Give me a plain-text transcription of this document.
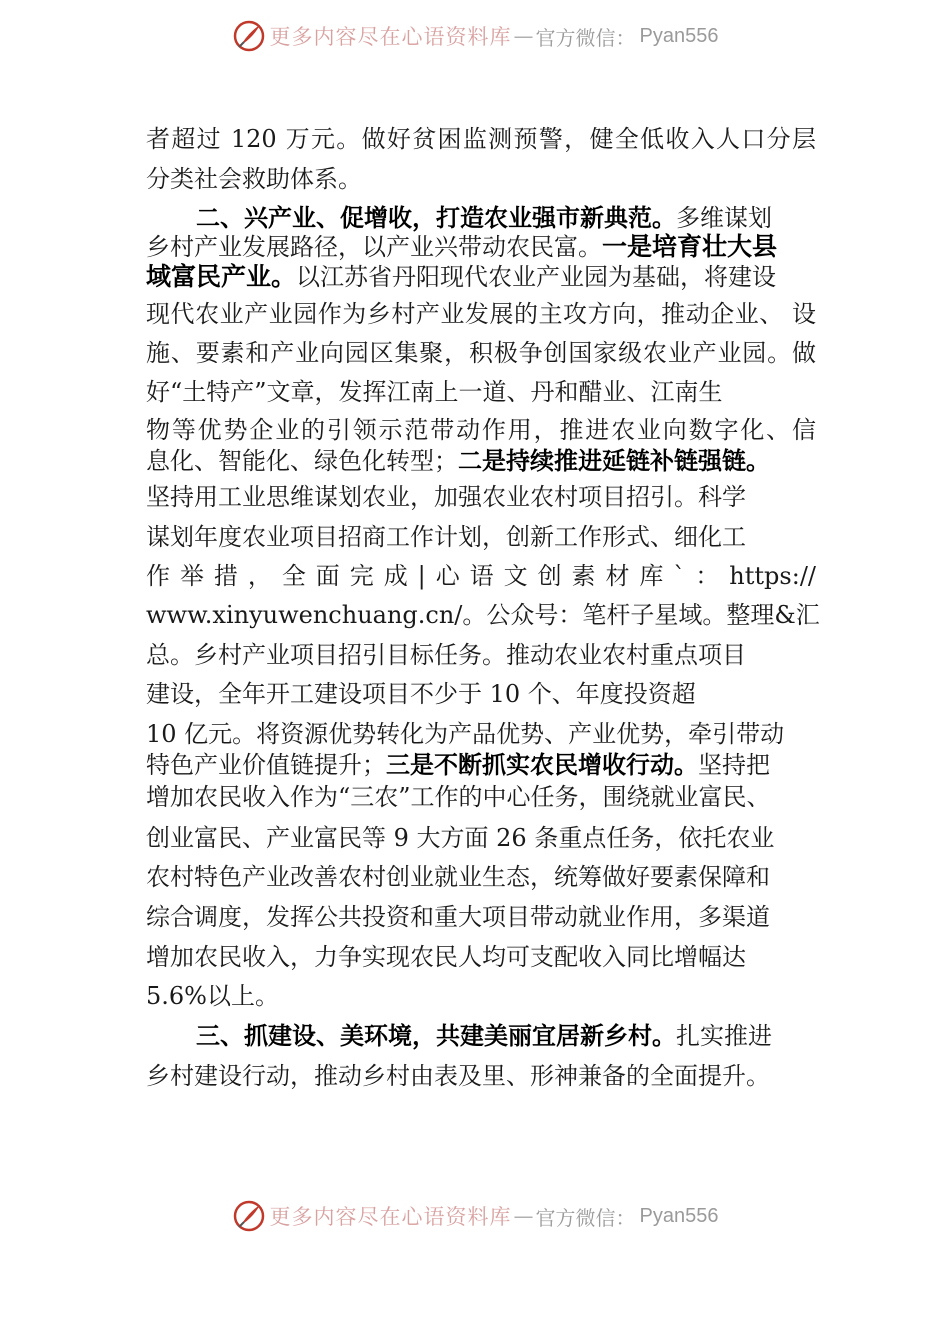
更多内容尽在心语资料库 — 官方微信： Pyan556
者超过 120 万元。做好贫困监测预警，健全低收入人口分层
分类社会救助体系。
二、兴产业、促增收，打造农业强市新典范。多维谋划
乡村产业发展路径，以产业兴带动农民富。一是培育壮大县
域富民产业。以江苏省丹阳现代农业产业园为基础，将建设
现代农业产业园作为乡村产业发展的主攻方向，推动企业、 设
施、要素和产业向园区集聚，积极争创国家级农业产业园。做
好“土特产”文章，发挥江南上一道、丹和醋业、江南生
物等优势企业的引领示范带动作用，推进农业向数字化、信
息化、智能化、绿色化转型；二是持续推进延链补链强链。
坚持用工业思维谋划农业，加强农业农村项目招引。科学
谋划年度农业项目招商工作计划，创新工作形式、细化工
作举措，全面完成|心语文创素材库`：https://
www.xinyuwenchuang.cn/。公众号：笔杆子星域。整理&汇
总。乡村产业项目招引目标任务。推动农业农村重点项目
建设，全年开工建设项目不少于 10 个、年度投资超
10 亿元。将资源优势转化为产品优势、产业优势，牵引带动
特色产业价值链提升；三是不断抓实农民增收行动。坚持把
增加农民收入作为“三农”工作的中心任务，围绕就业富民、
创业富民、产业富民等 9 大方面 26 条重点任务，依托农业
农村特色产业改善农村创业就业生态，统筹做好要素保障和
综合调度，发挥公共投资和重大项目带动就业作用，多渠道
增加农民收入，力争实现农民人均可支配收入同比增幅达
5.6%以上。
三、抓建设、美环境，共建美丽宜居新乡村。扎实推进
乡村建设行动，推动乡村由表及里、形神兼备的全面提升。
更多内容尽在心语资料库 — 官方微信： Pyan556
